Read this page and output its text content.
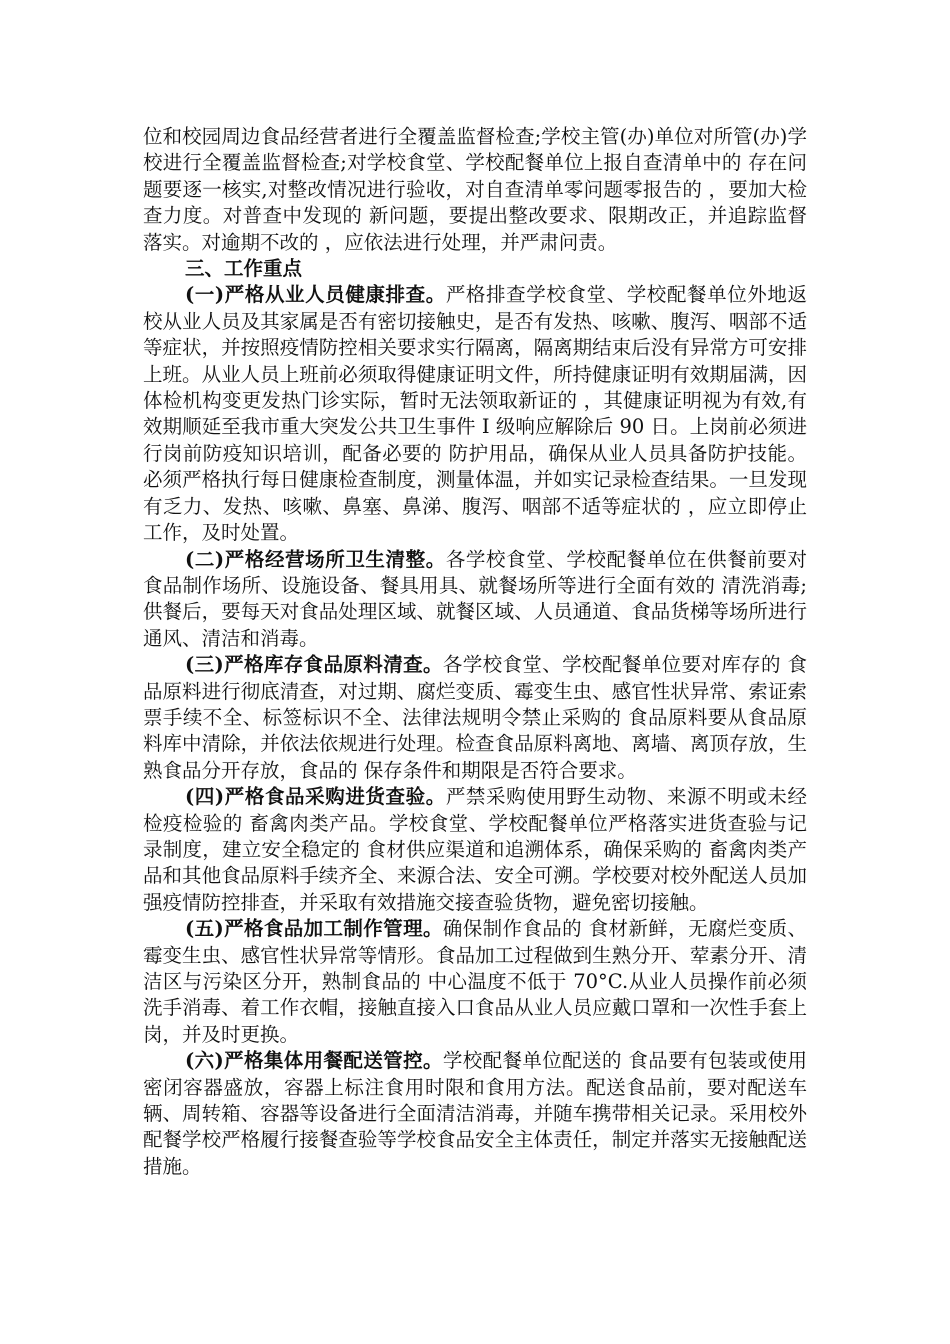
位和校园周边食品经营者进行全覆盖监督检查;学校主管(办)单位对所管(办)学校进行全覆盖监督检查;对学校食堂、学校配餐单位上报自查清单中的 存在问题要逐一核实,对整改情况进行验收，对自查清单零问题零报告的 ，要加大检查力度。对普查中发现的 新问题，要提出整改要求、限期改正，并追踪监督落实。对逾期不改的 ，应依法进行处理，并严肃问责。

三、工作重点

(一)严格从业人员健康排查。严格排查学校食堂、学校配餐单位外地返校从业人员及其家属是否有密切接触史，是否有发热、咳嗽、腹泻、咽部不适等症状，并按照疫情防控相关要求实行隔离，隔离期结束后没有异常方可安排上班。从业人员上班前必须取得健康证明文件，所持健康证明有效期届满，因体检机构变更发热门诊实际，暂时无法领取新证的 ，其健康证明视为有效,有效期顺延至我市重大突发公共卫生事件 I 级响应解除后 90 日。上岗前必须进行岗前防疫知识培训，配备必要的 防护用品，确保从业人员具备防护技能。必须严格执行每日健康检查制度，测量体温，并如实记录检查结果。一旦发现有乏力、发热、咳嗽、鼻塞、鼻涕、腹泻、咽部不适等症状的 ，应立即停止工作，及时处置。

(二)严格经营场所卫生清整。各学校食堂、学校配餐单位在供餐前要对食品制作场所、设施设备、餐具用具、就餐场所等进行全面有效的 清洗消毒;供餐后，要每天对食品处理区域、就餐区域、人员通道、食品货梯等场所进行通风、清洁和消毒。

(三)严格库存食品原料清查。各学校食堂、学校配餐单位要对库存的 食品原料进行彻底清查，对过期、腐烂变质、霉变生虫、感官性状异常、索证索票手续不全、标签标识不全、法律法规明令禁止采购的 食品原料要从食品原料库中清除，并依法依规进行处理。检查食品原料离地、离墙、离顶存放，生熟食品分开存放，食品的 保存条件和期限是否符合要求。

(四)严格食品采购进货查验。严禁采购使用野生动物、来源不明或未经检疫检验的 畜禽肉类产品。学校食堂、学校配餐单位严格落实进货查验与记录制度，建立安全稳定的 食材供应渠道和追溯体系，确保采购的 畜禽肉类产品和其他食品原料手续齐全、来源合法、安全可溯。学校要对校外配送人员加强疫情防控排查，并采取有效措施交接查验货物，避免密切接触。

(五)严格食品加工制作管理。确保制作食品的 食材新鲜，无腐烂变质、霉变生虫、感官性状异常等情形。食品加工过程做到生熟分开、荤素分开、清洁区与污染区分开，熟制食品的 中心温度不低于 70°C.从业人员操作前必须洗手消毒、着工作衣帽，接触直接入口食品从业人员应戴口罩和一次性手套上岗，并及时更换。

(六)严格集体用餐配送管控。学校配餐单位配送的 食品要有包装或使用密闭容器盛放，容器上标注食用时限和食用方法。配送食品前，要对配送车辆、周转箱、容器等设备进行全面清洁消毒，并随车携带相关记录。采用校外配餐学校严格履行接餐查验等学校食品安全主体责任，制定并落实无接触配送措施。
